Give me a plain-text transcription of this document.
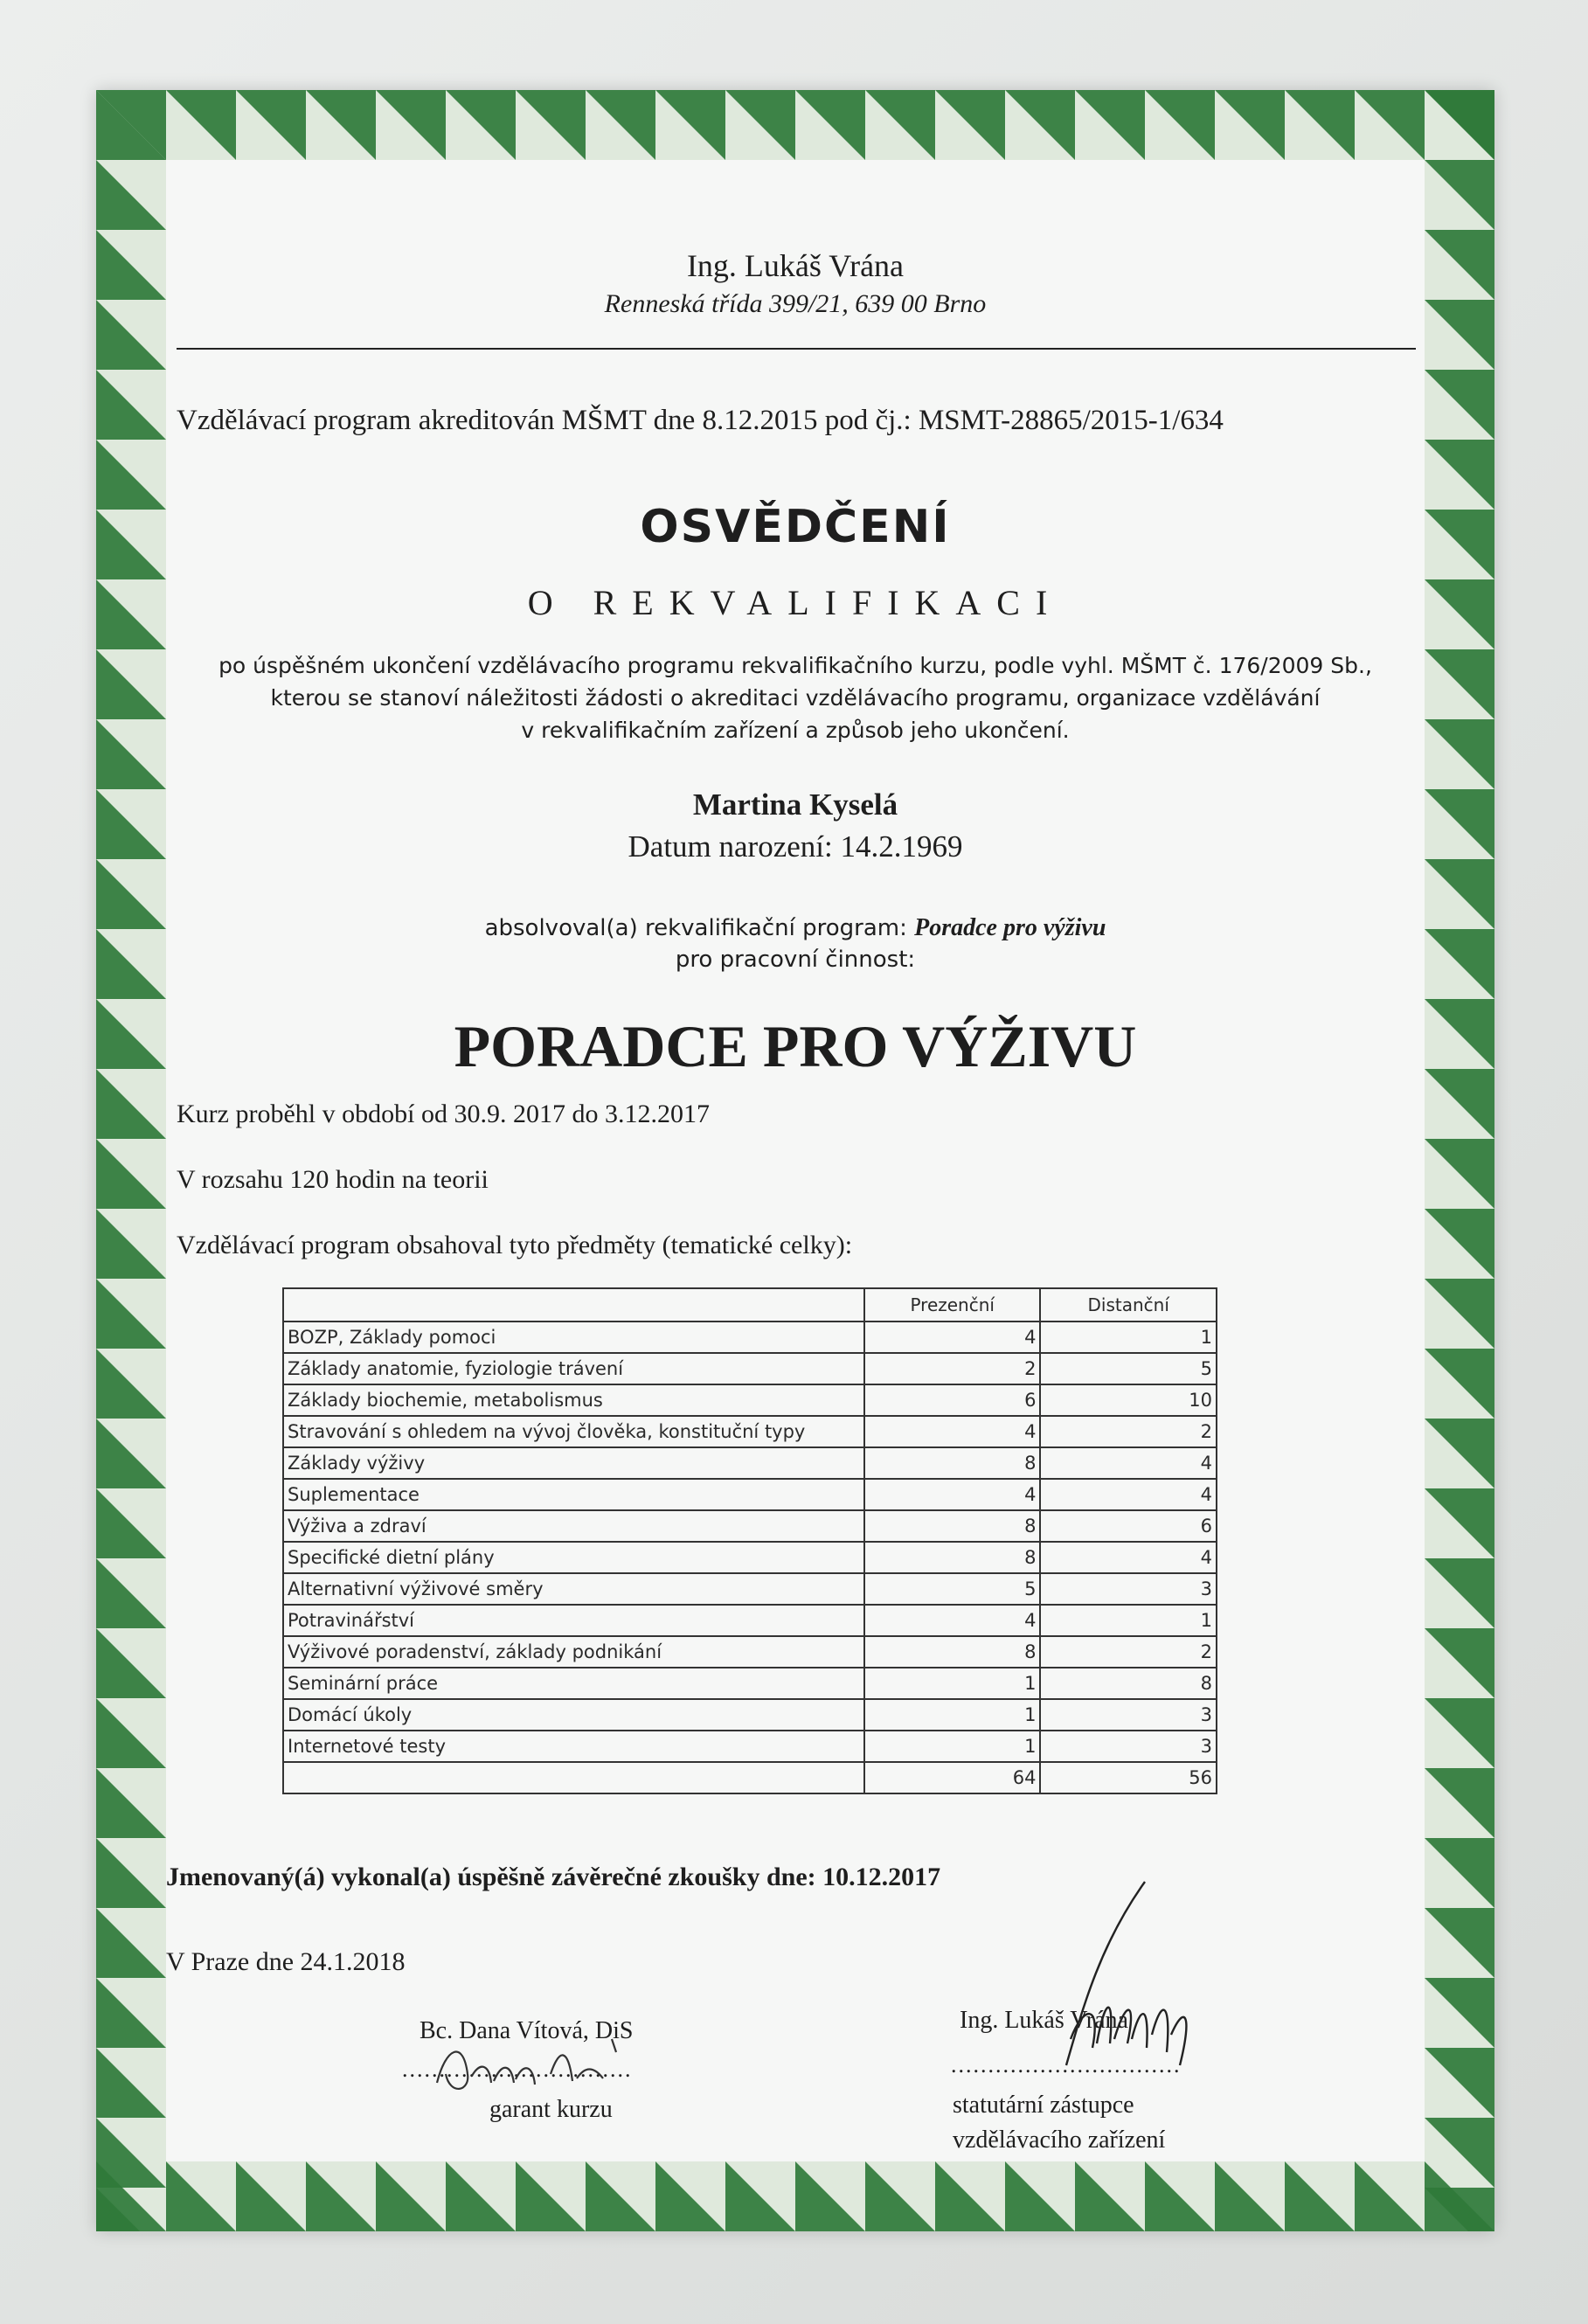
Ing. Lukáš Vrána
Renneská třída 399/21, 639 00 Brno
Vzdělávací program akreditován MŠMT dne 8.12.2015 pod čj.: MSMT-28865/2015-1/634
OSVĚDČENÍ
O REKVALIFIKACI
po úspěšném ukončení vzdělávacího programu rekvalifikačního kurzu, podle vyhl. MŠMT č. 176/2009 Sb.,
kterou se stanoví náležitosti žádosti o akreditaci vzdělávacího programu, organizace vzdělávání
v rekvalifikačním zařízení a způsob jeho ukončení.
Martina Kyselá
Datum narození: 14.2.1969
absolvoval(a) rekvalifikační program: Poradce pro výživu
pro pracovní činnost:
PORADCE PRO VÝŽIVU
Kurz proběhl v období od 30.9. 2017 do 3.12.2017
V rozsahu 120 hodin na teorii
Vzdělávací program obsahoval tyto předměty (tematické celky):
	Prezenční	Distanční
BOZP, Základy pomoci	4	1
Základy anatomie, fyziologie trávení	2	5
Základy biochemie, metabolismus	6	10
Stravování s ohledem na vývoj člověka, konstituční typy	4	2
Základy výživy	8	4
Suplementace	4	4
Výživa a zdraví	8	6
Specifické dietní plány	8	4
Alternativní výživové směry	5	3
Potravinářství	4	1
Výživové poradenství, základy podnikání	8	2
Seminární práce	1	8
Domácí úkoly	1	3
Internetové testy	1	3
	64	56
Jmenovaný(á) vykonal(a) úspěšně závěrečné zkoušky dne: 10.12.2017
V Praze dne 24.1.2018
Bc. Dana Vítová, DiS
...............................
garant kurzu
Ing. Lukáš Vrána
...............................
statutární zástupce
vzdělávacího zařízení
